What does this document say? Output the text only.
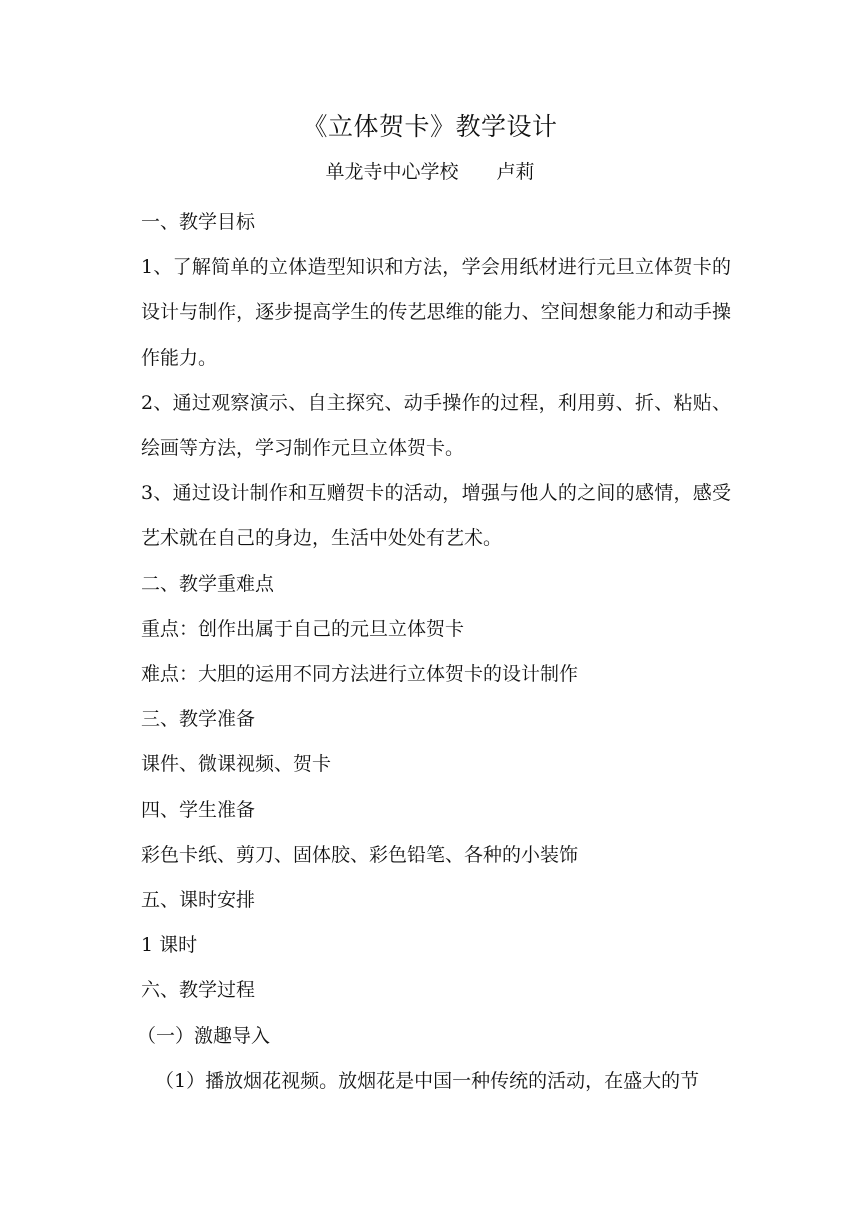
《立体贺卡》教学设计
单龙寺中心学校 卢莉

一、教学目标

1、了解简单的立体造型知识和方法，学会用纸材进行元旦立体贺卡的设计与制作，逐步提高学生的传艺思维的能力、空间想象能力和动手操作能力。

2、通过观察演示、自主探究、动手操作的过程，利用剪、折、粘贴、绘画等方法，学习制作元旦立体贺卡。

3、通过设计制作和互赠贺卡的活动，增强与他人的之间的感情，感受艺术就在自己的身边，生活中处处有艺术。

二、教学重难点

重点：创作出属于自己的元旦立体贺卡

难点：大胆的运用不同方法进行立体贺卡的设计制作

三、教学准备

课件、微课视频、贺卡

四、学生准备

彩色卡纸、剪刀、固体胶、彩色铅笔、各种的小装饰

五、课时安排

1 课时

六、教学过程

（一）激趣导入

（1）播放烟花视频。放烟花是中国一种传统的活动，在盛大的节
